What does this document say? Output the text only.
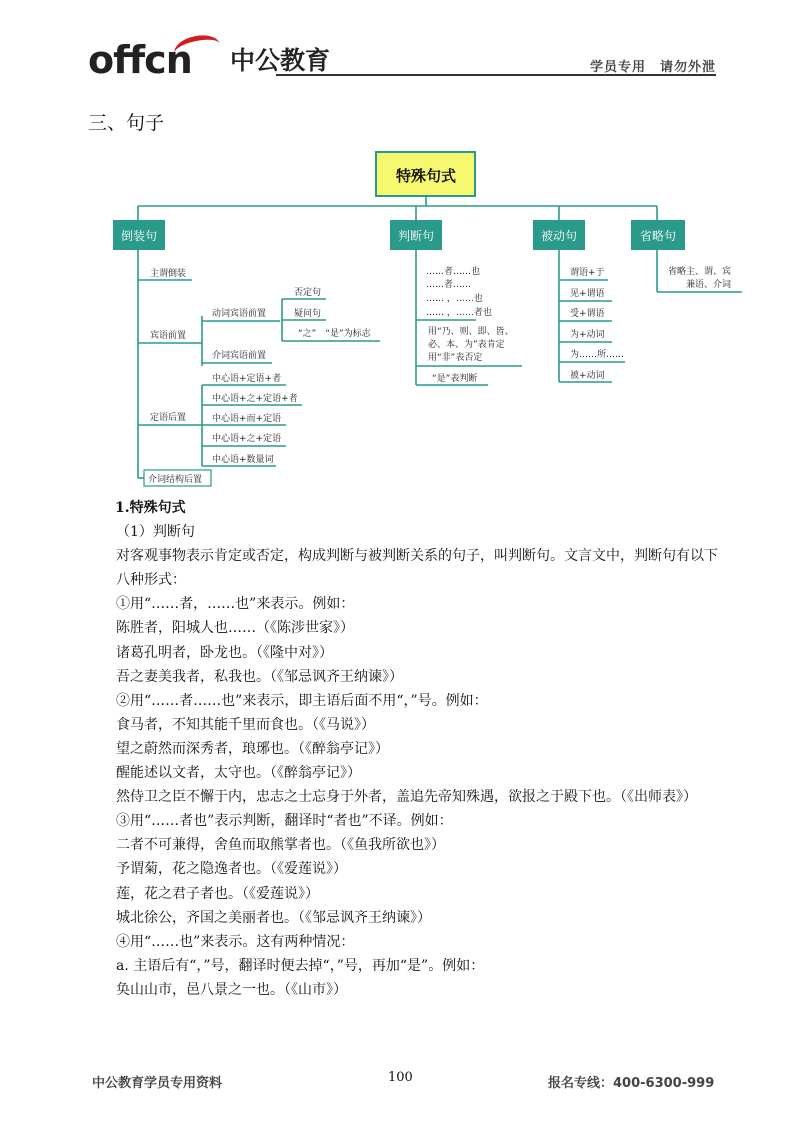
offcn 中公教育	学员专用　请勿外泄
三、句子
特殊句式
倒装句	判断句	被动句	省略句
主谓倒装
宾语前置
定语后置
介词结构后置
动词宾语前置
介词宾语前置
否定句
疑问句
“之”　“是”为标志
中心语+定语+者
中心语+之+定语+者
中心语+而+定语
中心语+之+定语
中心语+数量词
……者……也
……者……
…… ，……也
…… ，……者也
用“乃、则、即、皆、
必、本、为”表肯定
用“非”表否定
“是”表判断
谓语+于
见+谓语
受+谓语
为+动词
为……所……
被+动词
省略主、谓、宾
兼语、介词

1.特殊句式

（1）判断句

对客观事物表示肯定或否定，构成判断与被判断关系的句子，叫判断句。文言文中，判断句有以下八种形式：

①用“……者，……也”来表示。例如：

陈胜者，阳城人也……（《陈涉世家》）

诸葛孔明者，卧龙也。（《隆中对》）

吾之妻美我者，私我也。（《邹忌讽齐王纳谏》）

②用“……者……也”来表示，即主语后面不用“，”号。例如：

食马者，不知其能千里而食也。（《马说》）

望之蔚然而深秀者，琅琊也。（《醉翁亭记》）

醒能述以文者，太守也。（《醉翁亭记》）

然侍卫之臣不懈于内，忠志之士忘身于外者，盖追先帝知殊遇，欲报之于殿下也。（《出师表》）

③用“……者也”表示判断，翻译时“者也”不译。例如：

二者不可兼得，舍鱼而取熊掌者也。（《鱼我所欲也》）

予谓菊，花之隐逸者也。（《爱莲说》）

莲，花之君子者也。（《爱莲说》）

城北徐公，齐国之美丽者也。（《邹忌讽齐王纳谏》）

④用“……也”来表示。这有两种情况：

a. 主语后有“，”号，翻译时便去掉“，”号，再加“是”。例如：

奂山山市，邑八景之一也。（《山市》）

中公教育学员专用资料	100	报名专线：400-6300-999
